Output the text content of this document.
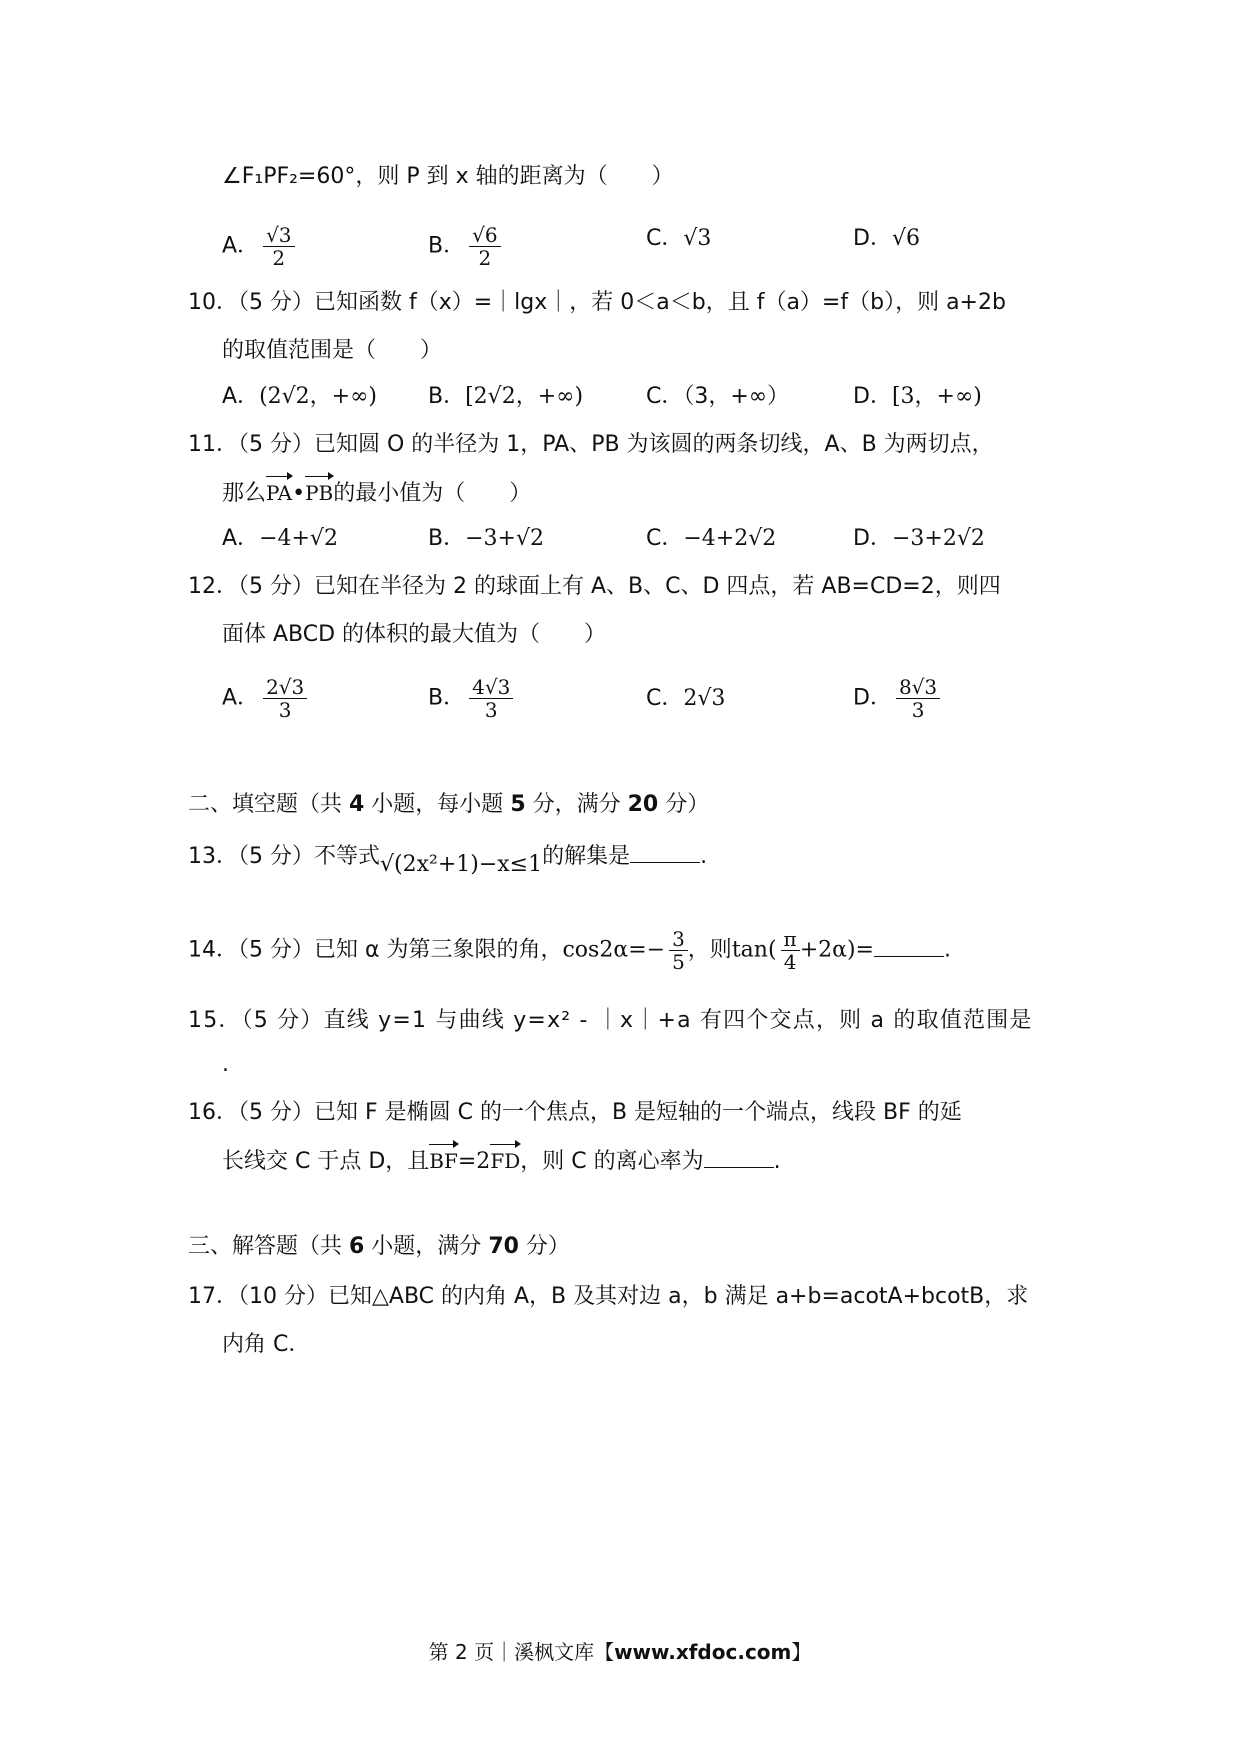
∠F₁PF₂=60°，则 P 到 x 轴的距离为（　　）
A． $\frac{√3}{2}$	B． $\frac{√6}{2}$	C．√3	D．√6
10．（5 分）已知函数 f（x）=｜lgx｜，若 0＜a＜b，且 f（a）=f（b），则 a+2b
的取值范围是（　　）
A．(2√2，+∞) B．[2√2，+∞)	C．（3，+∞）	D．[3，+∞)
11．（5 分）已知圆 O 的半径为 1，PA、PB 为该圆的两条切线，A、B 为两切点，
那么PA•PB的最小值为（　　）
A．−4+√2	B．−3+√2	C．−4+2√2	D．−3+2√2
12．（5 分）已知在半径为 2 的球面上有 A、B、C、D 四点，若 AB=CD=2，则四
面体 ABCD 的体积的最大值为（　　）
A． $\frac{2√3}{3}$	B． $\frac{4√3}{3}$	C．2√3	D． $\frac{8√3}{3}$
二、填空题（共 4 小题，每小题 5 分，满分 20 分）
13．（5 分）不等式√(2x²+1)−x≤1的解集是	.
14．（5 分）已知 α 为第三象限的角，$\cos 2\alpha=- \frac{3}{5}$ ，则$\tan( \frac{\pi}{4} +2\alpha)=$	.
15．（5 分）直线 y=1 与曲线 y=x² - ｜x｜+a 有四个交点，则 a 的取值范围是
.
16．（5 分）已知 F 是椭圆 C 的一个焦点，B 是短轴的一个端点，线段 BF 的延
长线交 C 于点 D，且BF=2FD，则 C 的离心率为	.
三、解答题（共 6 小题，满分 70 分）
17．（10 分）已知△ABC 的内角 A，B 及其对边 a，b 满足 a+b=acotA+bcotB，求
内角 C．
第 2 页｜溪枫文库【www.xfdoc.com】
